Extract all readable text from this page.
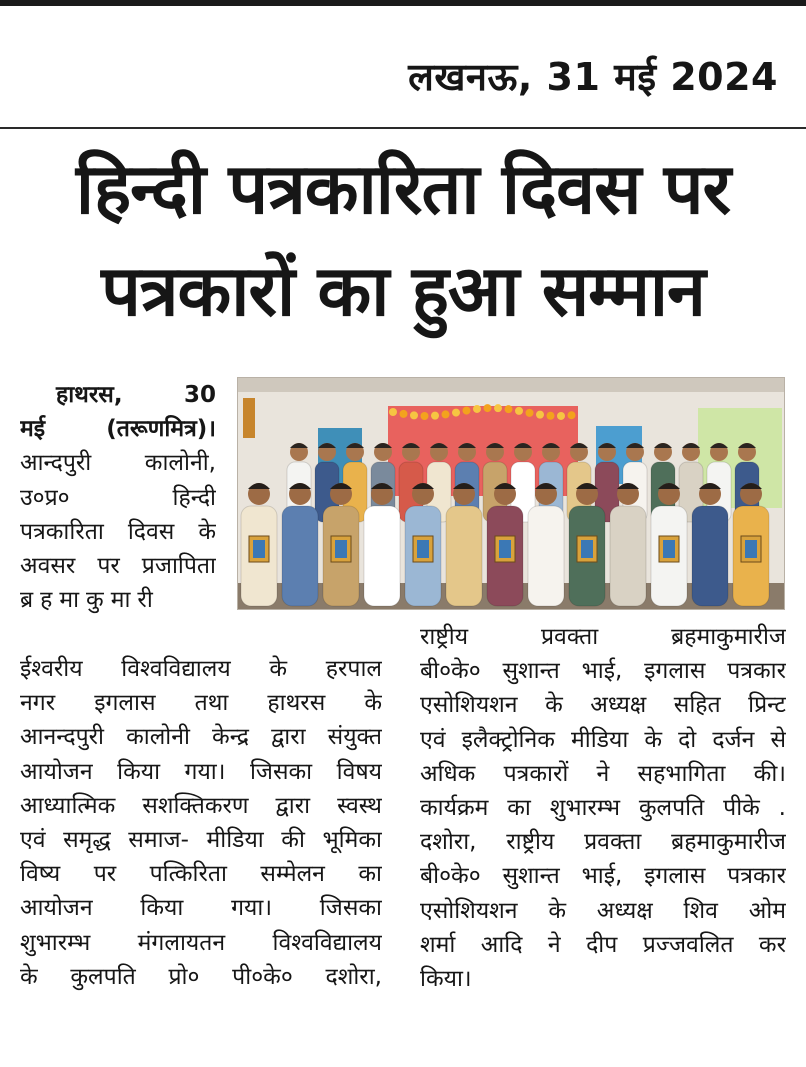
लखनऊ, 31 मई 2024
हिन्दी पत्रकारिता दिवस पर
पत्रकारों का हुआ सम्मान
हाथरस, 30
मई (तरूणमित्र)।
आन्दपुरी कालोनी,
उ०प्र० हिन्दी
पत्रकारिता दिवस के
अवसर पर प्रजापिता
ब्रहमाकुमारी
ईश्वरीय विश्वविद्यालय के हरपाल
नगर इगलास तथा हाथरस के
आनन्दपुरी कालोनी केन्द्र द्वारा संयुक्त
आयोजन किया गया। जिसका विषय
आध्यात्मिक सशक्तिकरण द्वारा स्वस्थ
एवं समृद्ध समाज- मीडिया की भूमिका
विष्य पर पत्किरिता सम्मेलन का
आयोजन किया गया। जिसका
शुभारम्भ मंगलायतन विश्वविद्यालय
के कुलपति प्रो० पी०के० दशोरा,
राष्ट्रीय प्रवक्ता ब्रहमाकुमारीज
बी०के० सुशान्त भाई, इगलास पत्रकार
एसोशियशन के अध्यक्ष सहित प्रिन्ट
एवं इलैक्ट्रोनिक मीडिया के दो दर्जन से
अधिक पत्रकारों ने सहभागिता की।
कार्यक्रम का शुभारम्भ कुलपति पीके .
दशोरा, राष्ट्रीय प्रवक्ता ब्रहमाकुमारीज
बी०के० सुशान्त भाई, इगलास पत्रकार
एसोशियशन के अध्यक्ष शिव ओम
शर्मा आदि ने दीप प्रज्जवलित कर
किया।
